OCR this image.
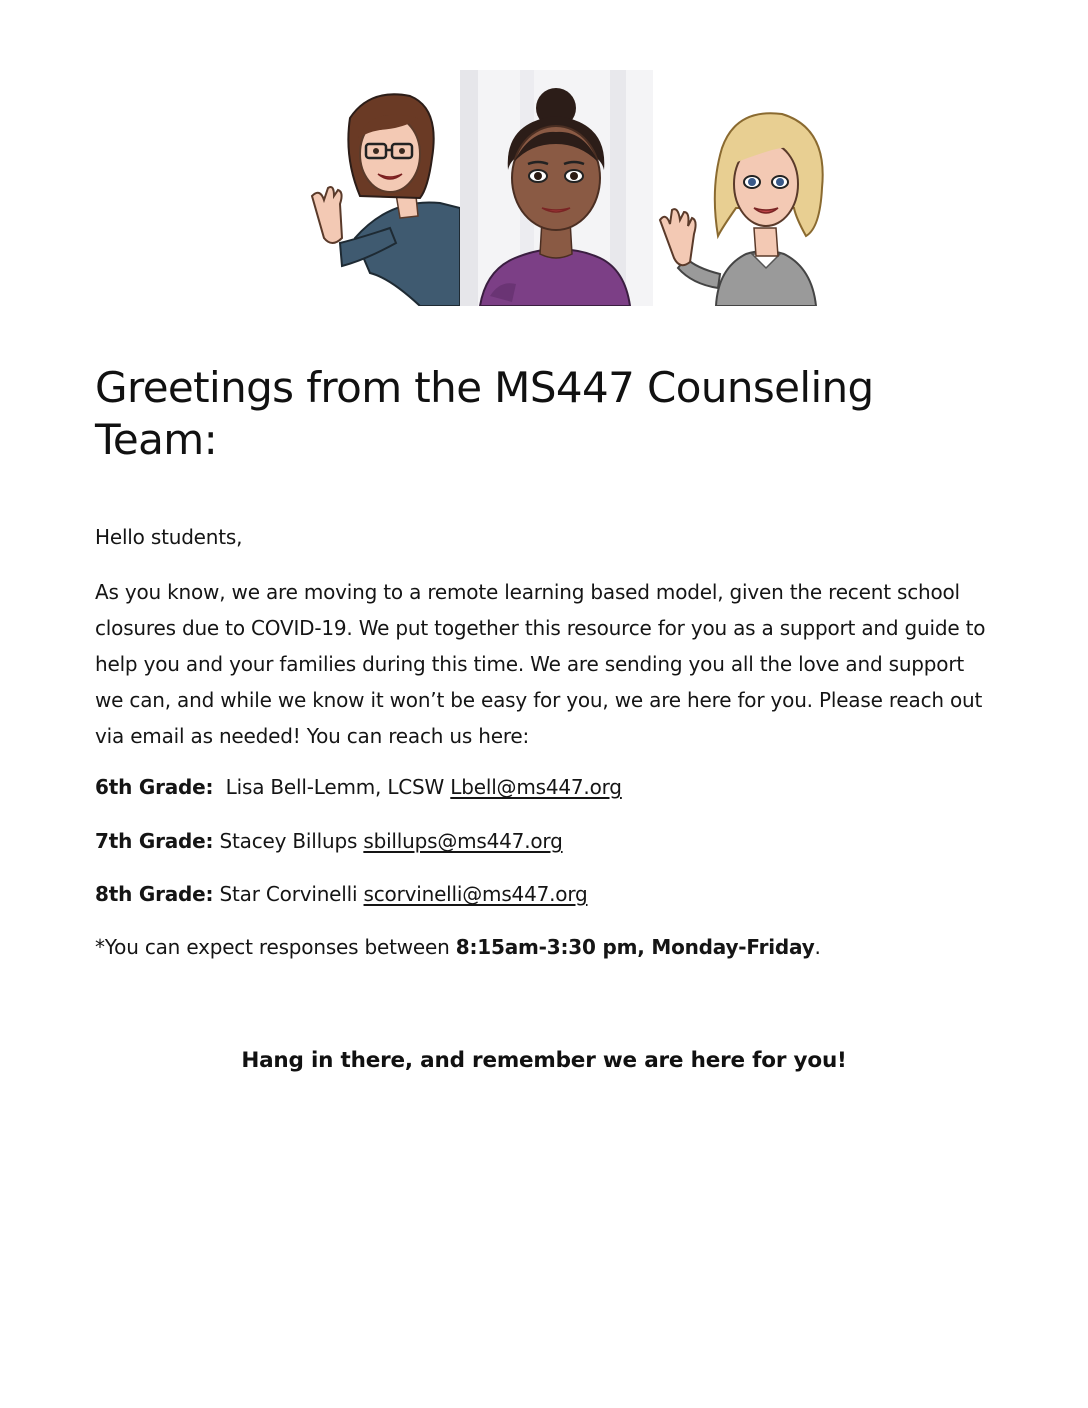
Greetings from the MS447 Counseling Team:

Hello students,

As you know, we are moving to a remote learning based model, given the recent school closures due to COVID-19. We put together this resource for you as a support and guide to help you and your families during this time. We are sending you all the love and support we can, and while we know it won’t be easy for you, we are here for you. Please reach out via email as needed! You can reach us here:

6th Grade: Lisa Bell-Lemm, LCSW Lbell@ms447.org

7th Grade: Stacey Billups sbillups@ms447.org

8th Grade: Star Corvinelli scorvinelli@ms447.org

*You can expect responses between 8:15am-3:30 pm, Monday-Friday.

Hang in there, and remember we are here for you!
